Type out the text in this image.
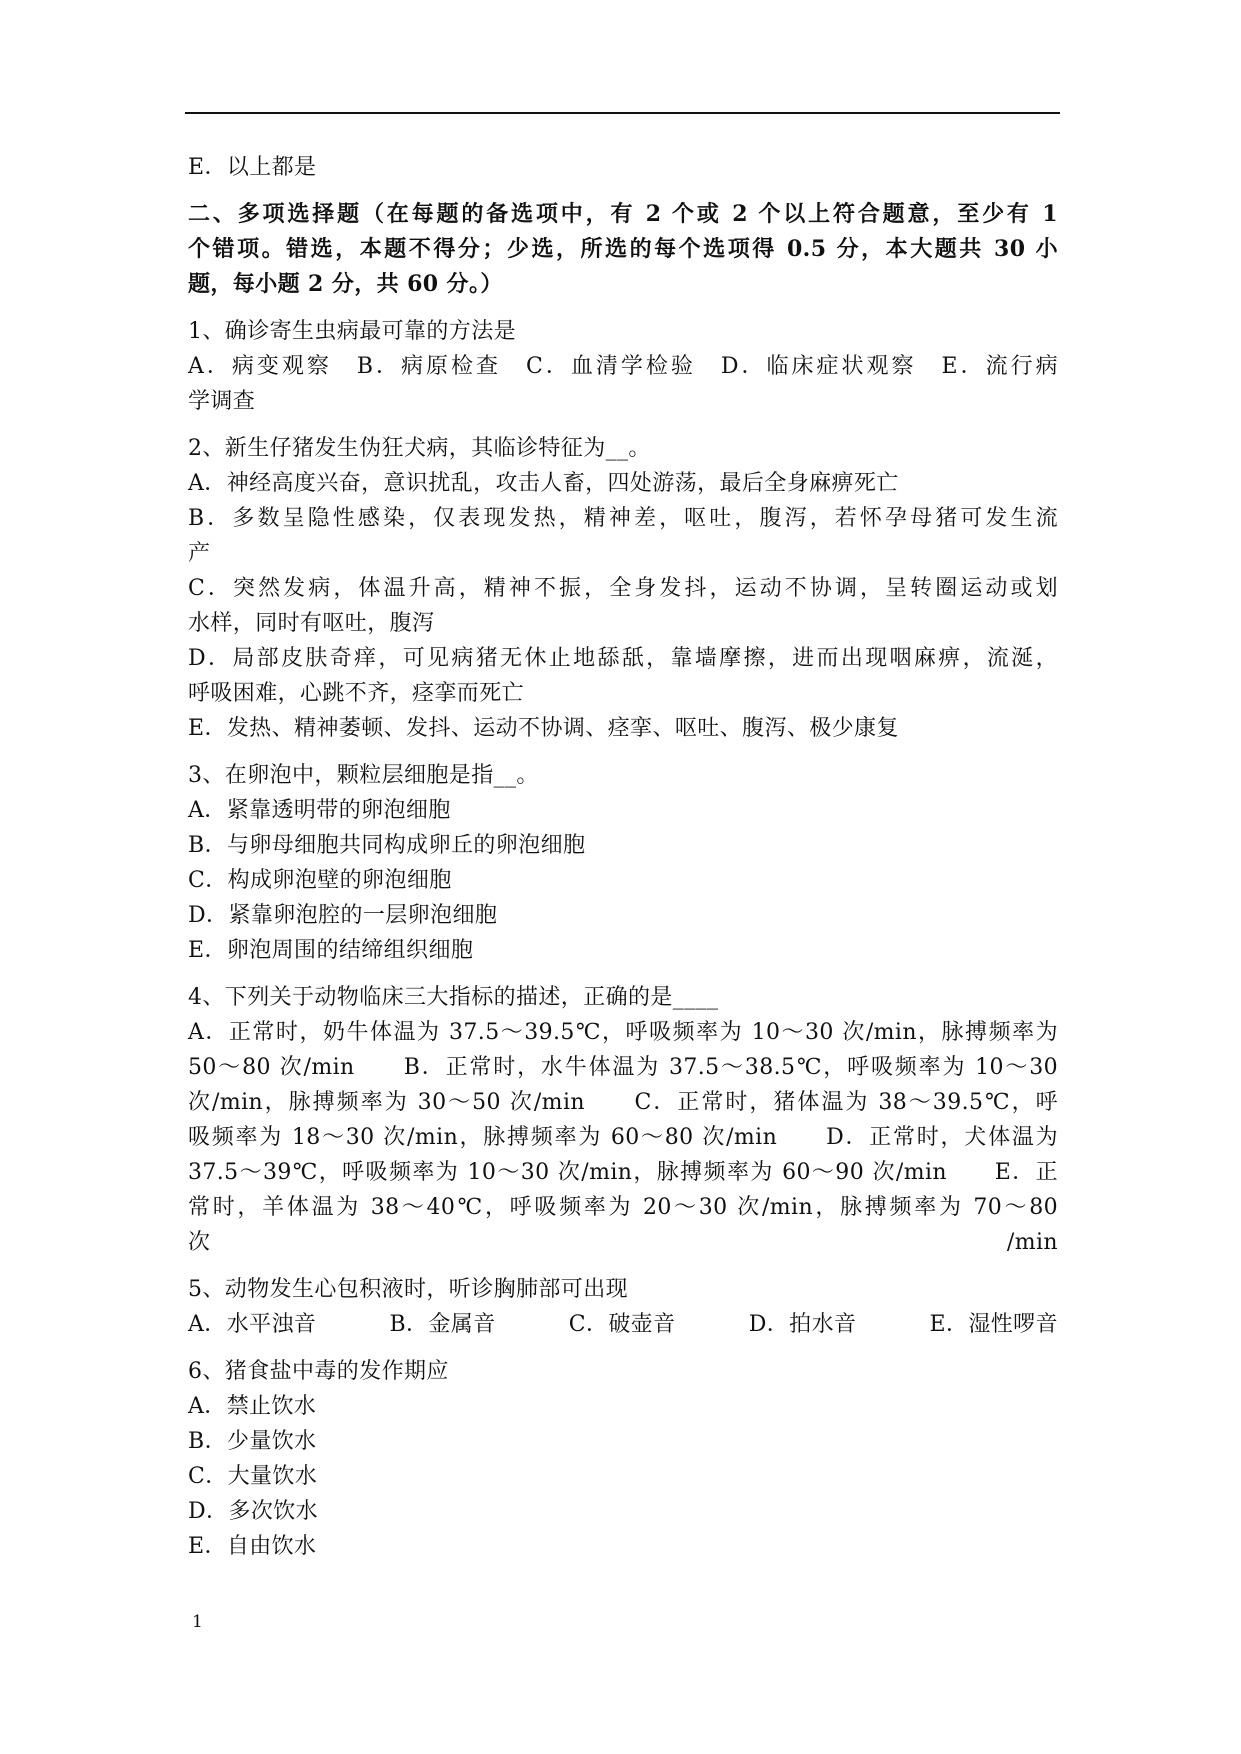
E．以上都是
二、多项选择题（在每题的备选项中，有 2 个或 2 个以上符合题意，至少有 1
个错项。错选，本题不得分；少选，所选的每个选项得 0.5 分，本大题共 30 小
题，每小题 2 分，共 60 分。）
1、确诊寄生虫病最可靠的方法是
A．病变观察　B．病原检查　C．血清学检验　D．临床症状观察　E．流行病
学调查
2、新生仔猪发生伪狂犬病，其临诊特征为__。
A．神经高度兴奋，意识扰乱，攻击人畜，四处游荡，最后全身麻痹死亡
B．多数呈隐性感染，仅表现发热，精神差，呕吐，腹泻，若怀孕母猪可发生流
产
C．突然发病，体温升高，精神不振，全身发抖，运动不协调，呈转圈运动或划
水样，同时有呕吐，腹泻
D．局部皮肤奇痒，可见病猪无休止地舔舐，靠墙摩擦，进而出现咽麻痹，流涎，
呼吸困难，心跳不齐，痉挛而死亡
E．发热、精神萎顿、发抖、运动不协调、痉挛、呕吐、腹泻、极少康复
3、在卵泡中，颗粒层细胞是指__。
A．紧靠透明带的卵泡细胞
B．与卵母细胞共同构成卵丘的卵泡细胞
C．构成卵泡壁的卵泡细胞
D．紧靠卵泡腔的一层卵泡细胞
E．卵泡周围的结缔组织细胞
4、下列关于动物临床三大指标的描述，正确的是____
A．正常时，奶牛体温为 37.5～39.5℃，呼吸频率为 10～30 次/min，脉搏频率为
50～80 次/min　　B．正常时，水牛体温为 37.5～38.5℃，呼吸频率为 10～30
次/min，脉搏频率为 30～50 次/min　　C．正常时，猪体温为 38～39.5℃，呼
吸频率为 18～30 次/min，脉搏频率为 60～80 次/min　　D．正常时，犬体温为
37.5～39℃，呼吸频率为 10～30 次/min，脉搏频率为 60～90 次/min　　E．正
常时，羊体温为 38～40℃，呼吸频率为 20～30 次/min，脉搏频率为 70～80 次/min
5、动物发生心包积液时，听诊胸肺部可出现
A．水平浊音	B．金属音	C．破壶音	D．拍水音	E．湿性啰音
6、猪食盐中毒的发作期应
A．禁止饮水
B．少量饮水
C．大量饮水
D．多次饮水
E．自由饮水
1
